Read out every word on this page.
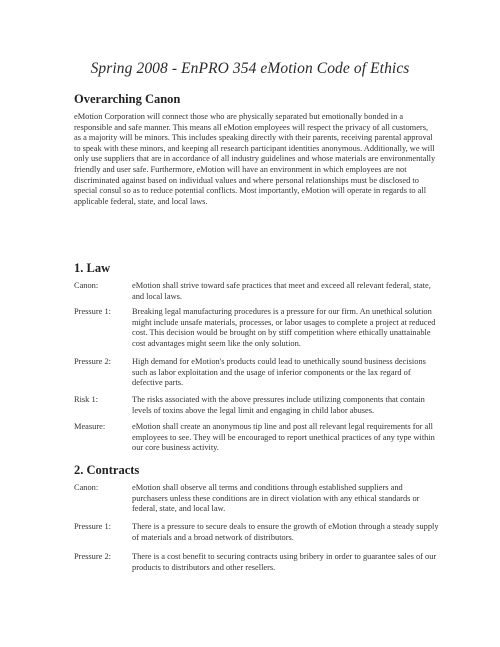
Spring 2008 - EnPRO 354 eMotion Code of Ethics
Overarching Canon
eMotion Corporation will connect those who are physically separated but emotionally bonded in a responsible and safe manner. This means all eMotion employees will respect the privacy of all customers, as a majority will be minors. This includes speaking directly with their parents, receiving parental approval to speak with these minors, and keeping all research participant identities anonymous. Additionally, we will only use suppliers that are in accordance of all industry guidelines and whose materials are environmentally friendly and user safe. Furthermore, eMotion will have an environment in which employees are not discriminated against based on individual values and where personal relationships must be disclosed to special consul so as to reduce potential conflicts. Most importantly, eMotion will operate in regards to all applicable federal, state, and local laws.
1. Law
Canon:	eMotion shall strive toward safe practices that meet and exceed all relevant federal, state, and local laws.
Pressure 1:	Breaking legal manufacturing procedures is a pressure for our firm. An unethical solution might include unsafe materials, processes, or labor usages to complete a project at reduced cost. This decision would be brought on by stiff competition where ethically unattainable cost advantages might seem like the only solution.
Pressure 2:	High demand for eMotion's products could lead to unethically sound business decisions such as labor exploitation and the usage of inferior components or the lax regard of defective parts.
Risk 1:	The risks associated with the above pressures include utilizing components that contain levels of toxins above the legal limit and engaging in child labor abuses.
Measure:	eMotion shall create an anonymous tip line and post all relevant legal requirements for all employees to see. They will be encouraged to report unethical practices of any type within our core business activity.
2. Contracts
Canon:	eMotion shall observe all terms and conditions through established suppliers and purchasers unless these conditions are in direct violation with any ethical standards or federal, state, and local law.
Pressure 1:	There is a pressure to secure deals to ensure the growth of eMotion through a steady supply of materials and a broad network of distributors.
Pressure 2:	There is a cost benefit to securing contracts using bribery in order to guarantee sales of our products to distributors and other resellers.
